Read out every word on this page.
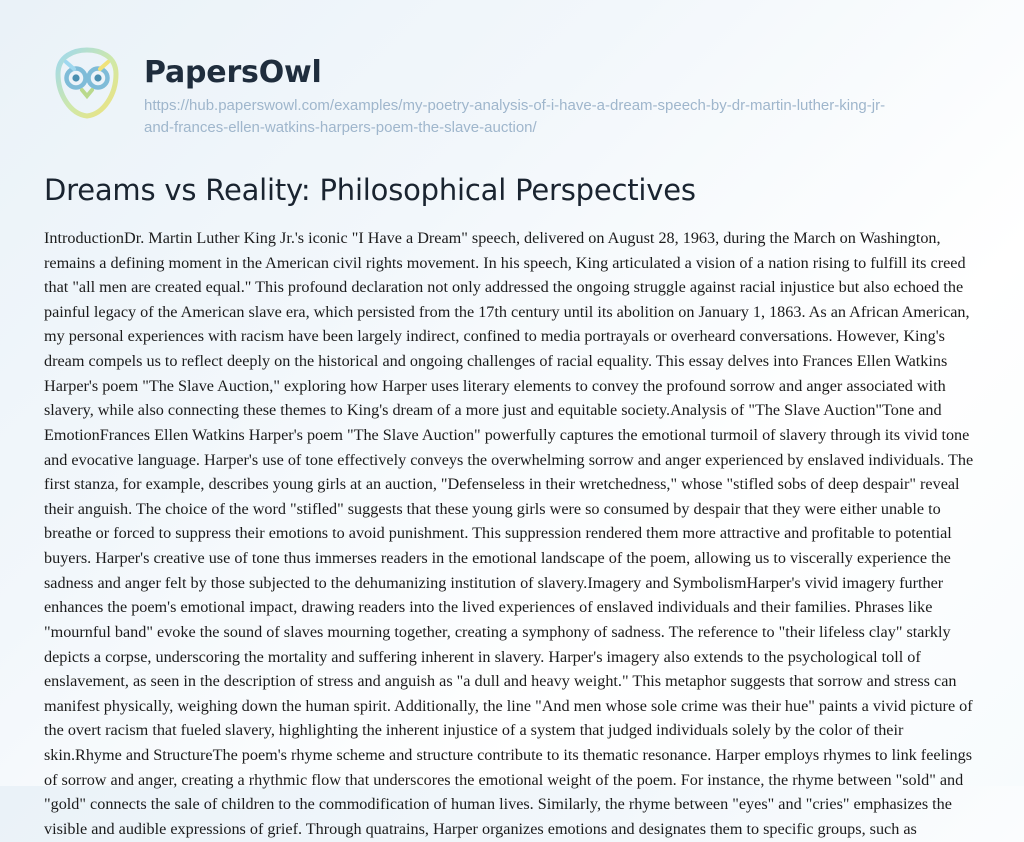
PapersOwl
https://hub.paperswowl.com/examples/my-poetry-analysis-of-i-have-a-dream-speech-by-dr-martin-luther-king-jr-and-frances-ellen-watkins-harpers-poem-the-slave-auction/
Dreams vs Reality: Philosophical Perspectives
IntroductionDr. Martin Luther King Jr.'s iconic "I Have a Dream" speech, delivered on August 28, 1963, during the March on Washington, remains a defining moment in the American civil rights movement. In his speech, King articulated a vision of a nation rising to fulfill its creed that "all men are created equal." This profound declaration not only addressed the ongoing struggle against racial injustice but also echoed the painful legacy of the American slave era, which persisted from the 17th century until its abolition on January 1, 1863. As an African American, my personal experiences with racism have been largely indirect, confined to media portrayals or overheard conversations. However, King's dream compels us to reflect deeply on the historical and ongoing challenges of racial equality. This essay delves into Frances Ellen Watkins Harper's poem "The Slave Auction," exploring how Harper uses literary elements to convey the profound sorrow and anger associated with slavery, while also connecting these themes to King's dream of a more just and equitable society.Analysis of "The Slave Auction"Tone and EmotionFrances Ellen Watkins Harper's poem "The Slave Auction" powerfully captures the emotional turmoil of slavery through its vivid tone and evocative language. Harper's use of tone effectively conveys the overwhelming sorrow and anger experienced by enslaved individuals. The first stanza, for example, describes young girls at an auction, "Defenseless in their wretchedness," whose "stifled sobs of deep despair" reveal their anguish. The choice of the word "stifled" suggests that these young girls were so consumed by despair that they were either unable to breathe or forced to suppress their emotions to avoid punishment. This suppression rendered them more attractive and profitable to potential buyers. Harper's creative use of tone thus immerses readers in the emotional landscape of the poem, allowing us to viscerally experience the sadness and anger felt by those subjected to the dehumanizing institution of slavery.Imagery and SymbolismHarper's vivid imagery further enhances the poem's emotional impact, drawing readers into the lived experiences of enslaved individuals and their families. Phrases like "mournful band" evoke the sound of slaves mourning together, creating a symphony of sadness. The reference to "their lifeless clay" starkly depicts a corpse, underscoring the mortality and suffering inherent in slavery. Harper's imagery also extends to the psychological toll of enslavement, as seen in the description of stress and anguish as "a dull and heavy weight." This metaphor suggests that sorrow and stress can manifest physically, weighing down the human spirit. Additionally, the line "And men whose sole crime was their hue" paints a vivid picture of the overt racism that fueled slavery, highlighting the inherent injustice of a system that judged individuals solely by the color of their skin.Rhyme and StructureThe poem's rhyme scheme and structure contribute to its thematic resonance. Harper employs rhymes to link feelings of sorrow and anger, creating a rhythmic flow that underscores the emotional weight of the poem. For instance, the rhyme between "sold" and "gold" connects the sale of children to the commodification of human lives. Similarly, the rhyme between "eyes" and "cries" emphasizes the visible and audible expressions of grief. Through quatrains, Harper organizes emotions and designates them to specific groups, such as
